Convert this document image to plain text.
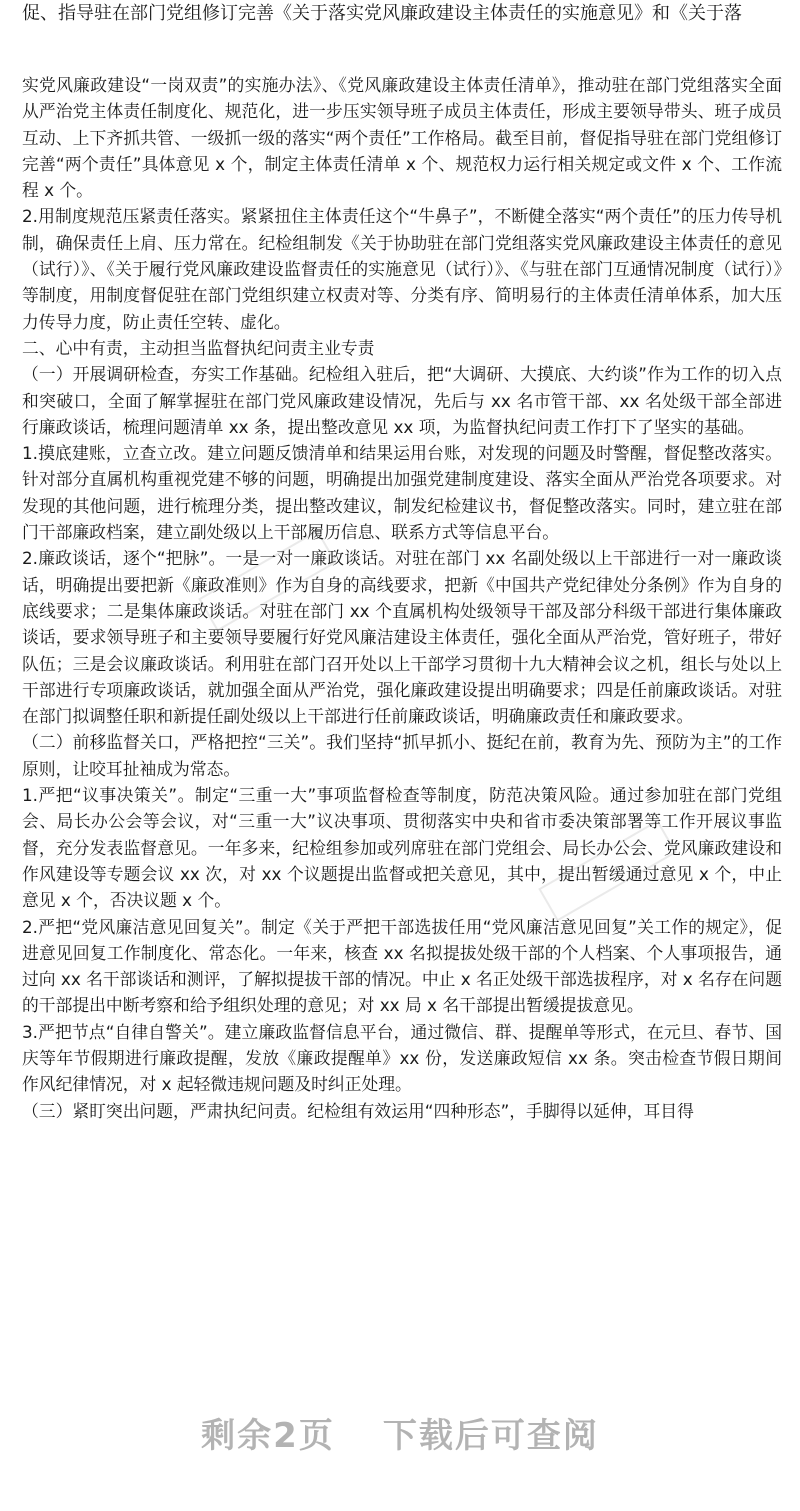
促、指导驻在部门党组修订完善《关于落实党风廉政建设主体责任的实施意见》和《关于落

实党风廉政建设“一岗双责”的实施办法》、《党风廉政建设主体责任清单》，推动驻在部门党组落实全面从严治党主体责任制度化、规范化，进一步压实领导班子成员主体责任，形成主要领导带头、班子成员互动、上下齐抓共管、一级抓一级的落实“两个责任”工作格局。截至目前，督促指导驻在部门党组修订完善“两个责任”具体意见 x 个，制定主体责任清单 x 个、规范权力运行相关规定或文件 x 个、工作流程 x 个。

2.用制度规范压紧责任落实。紧紧扭住主体责任这个“牛鼻子”，不断健全落实“两个责任”的压力传导机制，确保责任上肩、压力常在。纪检组制发《关于协助驻在部门党组落实党风廉政建设主体责任的意见（试行）》、《关于履行党风廉政建设监督责任的实施意见（试行）》、《与驻在部门互通情况制度（试行）》等制度，用制度督促驻在部门党组织建立权责对等、分类有序、简明易行的主体责任清单体系，加大压力传导力度，防止责任空转、虚化。

二、心中有责，主动担当监督执纪问责主业专责

（一）开展调研检查，夯实工作基础。纪检组入驻后，把“大调研、大摸底、大约谈”作为工作的切入点和突破口，全面了解掌握驻在部门党风廉政建设情况，先后与 xx 名市管干部、xx 名处级干部全部进行廉政谈话，梳理问题清单 xx 条，提出整改意见 xx 项，为监督执纪问责工作打下了坚实的基础。

1.摸底建账，立查立改。建立问题反馈清单和结果运用台账，对发现的问题及时警醒，督促整改落实。针对部分直属机构重视党建不够的问题，明确提出加强党建制度建设、落实全面从严治党各项要求。对发现的其他问题，进行梳理分类，提出整改建议，制发纪检建议书，督促整改落实。同时，建立驻在部门干部廉政档案，建立副处级以上干部履历信息、联系方式等信息平台。

2.廉政谈话，逐个“把脉”。一是一对一廉政谈话。对驻在部门 xx 名副处级以上干部进行一对一廉政谈话，明确提出要把新《廉政准则》作为自身的高线要求，把新《中国共产党纪律处分条例》作为自身的底线要求；二是集体廉政谈话。对驻在部门 xx 个直属机构处级领导干部及部分科级干部进行集体廉政谈话，要求领导班子和主要领导要履行好党风廉洁建设主体责任，强化全面从严治党，管好班子，带好队伍；三是会议廉政谈话。利用驻在部门召开处以上干部学习贯彻十九大精神会议之机，组长与处以上干部进行专项廉政谈话，就加强全面从严治党，强化廉政建设提出明确要求；四是任前廉政谈话。对驻在部门拟调整任职和新提任副处级以上干部进行任前廉政谈话，明确廉政责任和廉政要求。

（二）前移监督关口，严格把控“三关”。我们坚持“抓早抓小、挺纪在前，教育为先、预防为主”的工作原则，让咬耳扯袖成为常态。

1.严把“议事决策关”。制定“三重一大”事项监督检查等制度，防范决策风险。通过参加驻在部门党组会、局长办公会等会议，对“三重一大”议决事项、贯彻落实中央和省市委决策部署等工作开展议事监督，充分发表监督意见。一年多来，纪检组参加或列席驻在部门党组会、局长办公会、党风廉政建设和作风建设等专题会议 xx 次，对 xx 个议题提出监督或把关意见，其中，提出暂缓通过意见 x 个，中止意见 x 个，否决议题 x 个。

2.严把“党风廉洁意见回复关”。制定《关于严把干部选拔任用“党风廉洁意见回复”关工作的规定》，促进意见回复工作制度化、常态化。一年来，核查 xx 名拟提拔处级干部的个人档案、个人事项报告，通过向 xx 名干部谈话和测评，了解拟提拔干部的情况。中止 x 名正处级干部选拔程序，对 x 名存在问题的干部提出中断考察和给予组织处理的意见；对 xx 局 x 名干部提出暂缓提拔意见。

3.严把节点“自律自警关”。建立廉政监督信息平台，通过微信、群、提醒单等形式，在元旦、春节、国庆等年节假期进行廉政提醒，发放《廉政提醒单》xx 份，发送廉政短信 xx 条。突击检查节假日期间作风纪律情况，对 x 起轻微违规问题及时纠正处理。

（三）紧盯突出问题，严肃执纪问责。纪检组有效运用“四种形态”，手脚得以延伸，耳目得

剩余2页 下载后可查阅
